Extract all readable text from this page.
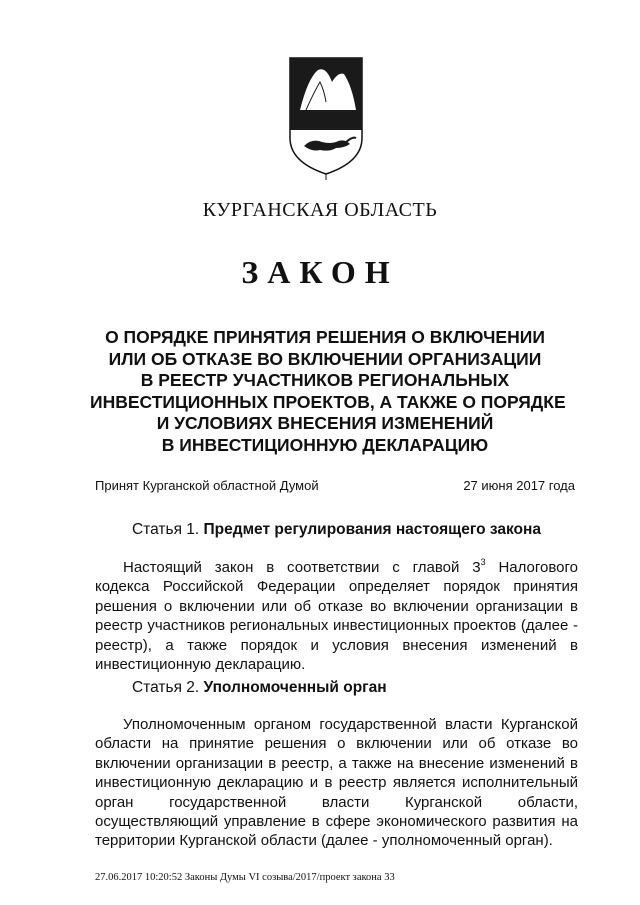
КУРГАНСКАЯ ОБЛАСТЬ
ЗАКОН
О ПОРЯДКЕ ПРИНЯТИЯ РЕШЕНИЯ О ВКЛЮЧЕНИИ
ИЛИ ОБ ОТКАЗЕ ВО ВКЛЮЧЕНИИ ОРГАНИЗАЦИИ
В РЕЕСТР УЧАСТНИКОВ РЕГИОНАЛЬНЫХ
ИНВЕСТИЦИОННЫХ ПРОЕКТОВ, А ТАКЖЕ О ПОРЯДКЕ
И УСЛОВИЯХ ВНЕСЕНИЯ ИЗМЕНЕНИЙ
В ИНВЕСТИЦИОННУЮ ДЕКЛАРАЦИЮ
Принят Курганской областной Думой	27 июня 2017 года
Статья 1. Предмет регулирования настоящего закона
Настоящий закон в соответствии с главой $3^3$ Налогового
кодекса Российской Федерации определяет порядок принятия
решения о включении или об отказе во включении организации в
реестр участников региональных инвестиционных проектов (далее -
реестр), а также порядок и условия внесения изменений в
инвестиционную декларацию.
Статья 2. Уполномоченный орган
Уполномоченным органом государственной власти Курганской
области на принятие решения о включении или об отказе во
включении организации в реестр, а также на внесение изменений в
инвестиционную декларацию и в реестр является исполнительный
орган государственной власти Курганской области,
осуществляющий управление в сфере экономического развития на
территории Курганской области (далее - уполномоченный орган).
27.06.2017 10:20:52 Законы Думы VI созыва/2017/проект закона 33
